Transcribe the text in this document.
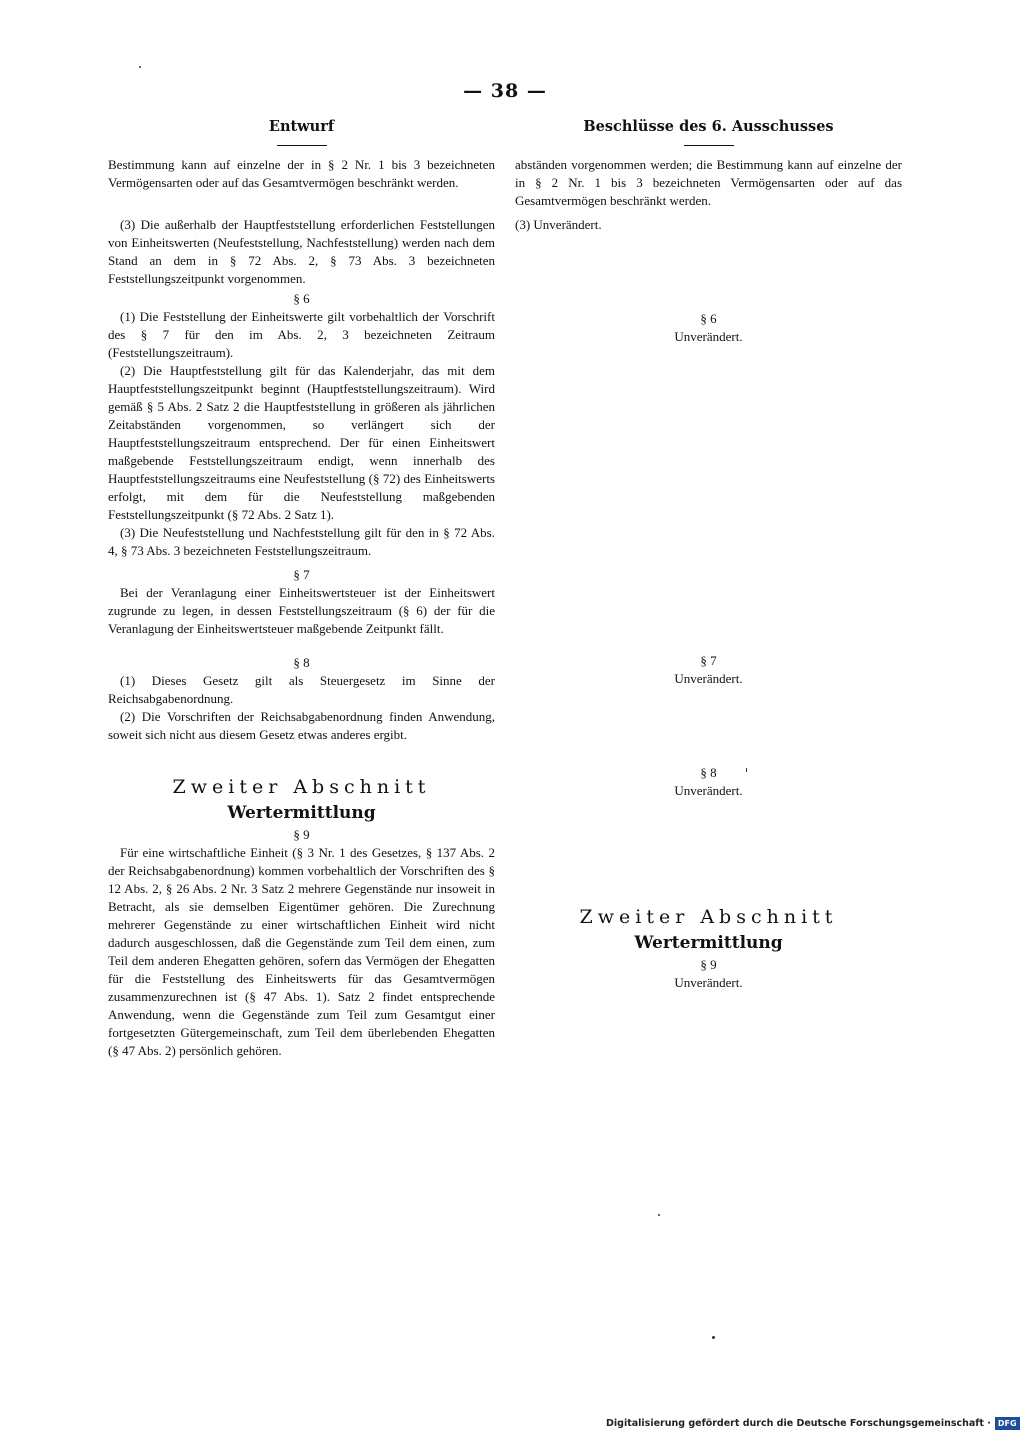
— 38 —
Entwurf

Bestimmung kann auf einzelne der in § 2 Nr. 1 bis 3 bezeichneten Vermögensarten oder auf das Gesamtvermögen beschränkt werden.

(3) Die außerhalb der Hauptfeststellung erforderlichen Feststellungen von Einheitswerten (Neufeststellung, Nachfeststellung) werden nach dem Stand an dem in § 72 Abs. 2, § 73 Abs. 3 bezeichneten Feststellungszeitpunkt vorgenommen.

§ 6

(1) Die Feststellung der Einheitswerte gilt vorbehaltlich der Vorschrift des § 7 für den im Abs. 2, 3 bezeichneten Zeitraum (Feststellungszeitraum).

(2) Die Hauptfeststellung gilt für das Kalenderjahr, das mit dem Hauptfeststellungszeitpunkt beginnt (Hauptfeststellungszeitraum). Wird gemäß § 5 Abs. 2 Satz 2 die Hauptfeststellung in größeren als jährlichen Zeitabständen vorgenommen, so verlängert sich der Hauptfeststellungszeitraum entsprechend. Der für einen Einheitswert maßgebende Feststellungszeitraum endigt, wenn innerhalb des Hauptfeststellungszeitraums eine Neufeststellung (§ 72) des Einheitswerts erfolgt, mit dem für die Neufeststellung maßgebenden Feststellungszeitpunkt (§ 72 Abs. 2 Satz 1).

(3) Die Neufeststellung und Nachfeststellung gilt für den in § 72 Abs. 4, § 73 Abs. 3 bezeichneten Feststellungszeitraum.

§ 7

Bei der Veranlagung einer Einheitswertsteuer ist der Einheitswert zugrunde zu legen, in dessen Feststellungszeitraum (§ 6) der für die Veranlagung der Einheitswertsteuer maßgebende Zeitpunkt fällt.

§ 8

(1) Dieses Gesetz gilt als Steuergesetz im Sinne der Reichsabgabenordnung.

(2) Die Vorschriften der Reichsabgabenordnung finden Anwendung, soweit sich nicht aus diesem Gesetz etwas anderes ergibt.

Zweiter Abschnitt

Wertermittlung

§ 9

Für eine wirtschaftliche Einheit (§ 3 Nr. 1 des Gesetzes, § 137 Abs. 2 der Reichsabgabenordnung) kommen vorbehaltlich der Vorschriften des § 12 Abs. 2, § 26 Abs. 2 Nr. 3 Satz 2 mehrere Gegenstände nur insoweit in Betracht, als sie demselben Eigentümer gehören. Die Zurechnung mehrerer Gegenstände zu einer wirtschaftlichen Einheit wird nicht dadurch ausgeschlossen, daß die Gegenstände zum Teil dem einen, zum Teil dem anderen Ehegatten gehören, sofern das Vermögen der Ehegatten für die Feststellung des Einheitswerts für das Gesamtvermögen zusammenzurechnen ist (§ 47 Abs. 1). Satz 2 findet entsprechende Anwendung, wenn die Gegenstände zum Teil zum Gesamtgut einer fortgesetzten Gütergemeinschaft, zum Teil dem überlebenden Ehegatten (§ 47 Abs. 2) persönlich gehören.

Beschlüsse des 6. Ausschusses

abständen vorgenommen werden; die Bestimmung kann auf einzelne der in § 2 Nr. 1 bis 3 bezeichneten Vermögensarten oder auf das Gesamtvermögen beschränkt werden.

(3) Unverändert.

§ 6

Unverändert.

§ 7

Unverändert.

§ 8

Unverändert.

Zweiter Abschnitt

Wertermittlung

§ 9

Unverändert.

Digitalisierung gefördert durch die Deutsche Forschungsgemeinschaft · DFG
